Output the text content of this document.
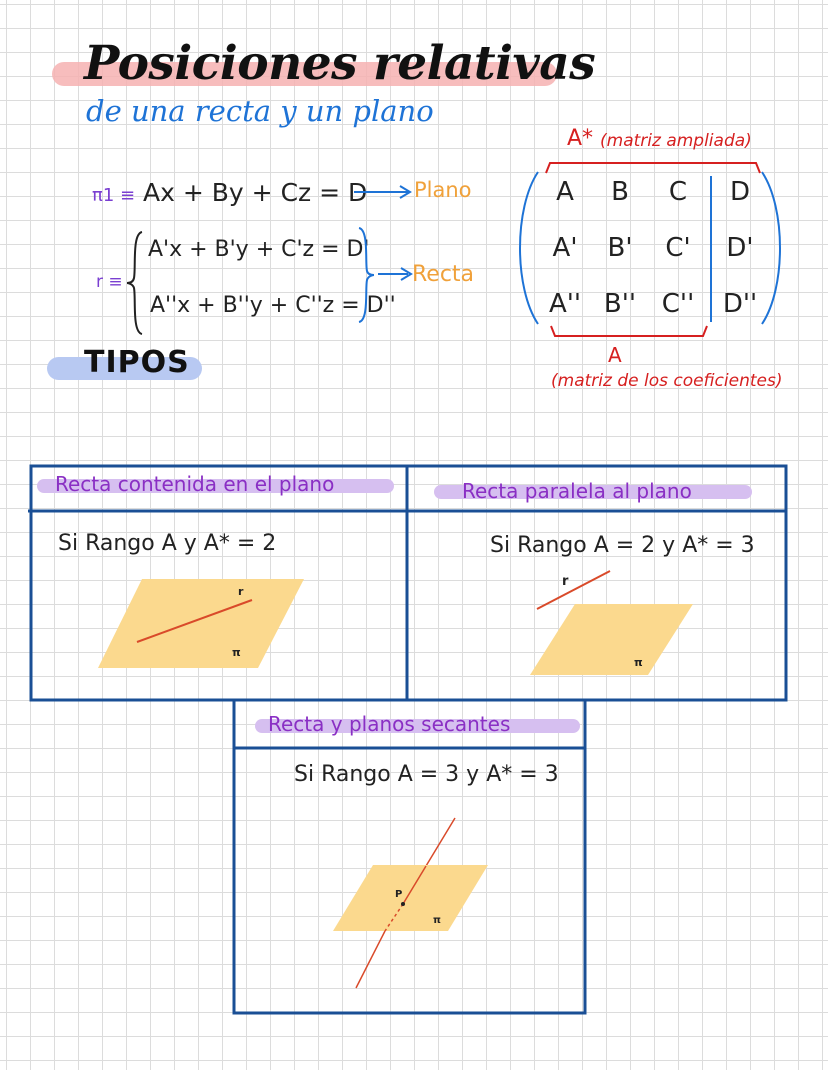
Posiciones relativas
de una recta y un plano
π1 ≡ Ax + By + Cz = D Plano
r ≡
A'x + B'y + C'z = D'
A''x + B''y + C''z = D''
Recta
A* (matriz ampliada)
A	B	C	D
A' B' C' D'
A'' B'' C'' D''
A
(matriz de los coeficientes)
TIPOS
Recta contenida en el plano
Si Rango A y A* = 2
r
π
Recta paralela al plano
Si Rango A = 2 y A* = 3
r
π
Recta y planos secantes
Si Rango A = 3 y A* = 3
P
π
